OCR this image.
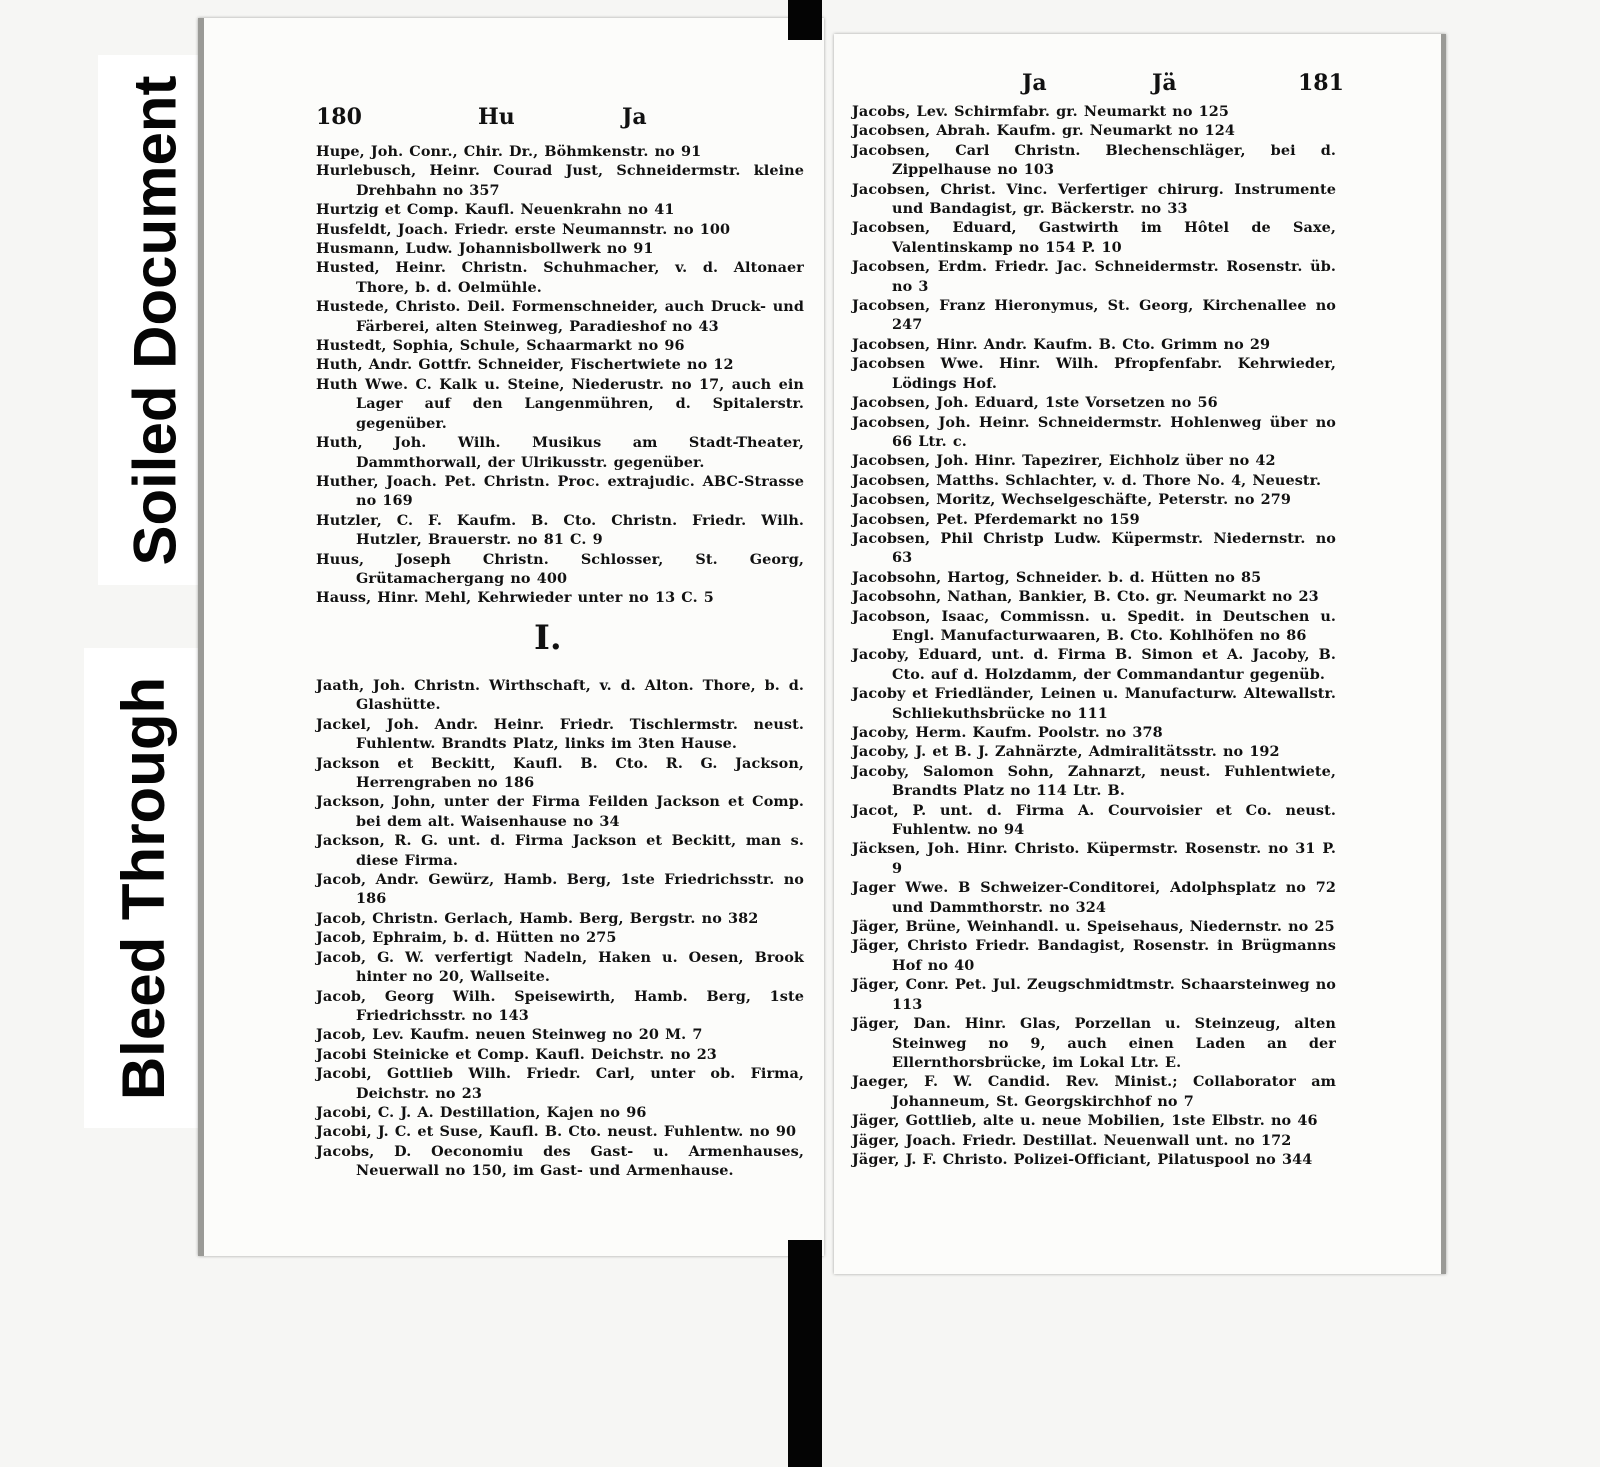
Soiled Document
Bleed Through
180	Hu	Ja
Hupe, Joh. Conr., Chir. Dr., Böhmkenstr. no 91
Hurlebusch, Heinr. Courad Just, Schneidermstr. kleine Drehbahn no 357
Hurtzig et Comp. Kaufl. Neuenkrahn no 41
Husfeldt, Joach. Friedr. erste Neumannstr. no 100
Husmann, Ludw. Johannisbollwerk no 91
Husted, Heinr. Christn. Schuhmacher, v. d. Altonaer Thore, b. d. Oelmühle.
Hustede, Christo. Deil. Formenschneider, auch Druck- und Färberei, alten Steinweg, Paradieshof no 43
Hustedt, Sophia, Schule, Schaarmarkt no 96
Huth, Andr. Gottfr. Schneider, Fischertwiete no 12
Huth Wwe. C. Kalk u. Steine, Niederustr. no 17, auch ein Lager auf den Langenmühren, d. Spitalerstr. gegenüber.
Huth, Joh. Wilh. Musikus am Stadt-Theater, Dammthorwall, der Ulrikusstr. gegenüber.
Huther, Joach. Pet. Christn. Proc. extrajudic. ABC-Strasse no 169
Hutzler, C. F. Kaufm. B. Cto. Christn. Friedr. Wilh. Hutzler, Brauerstr. no 81 C. 9
Huus, Joseph Christn. Schlosser, St. Georg, Grütamachergang no 400
Hauss, Hinr. Mehl, Kehrwieder unter no 13 C. 5
I.
Jaath, Joh. Christn. Wirthschaft, v. d. Alton. Thore, b. d. Glashütte.
Jackel, Joh. Andr. Heinr. Friedr. Tischlermstr. neust. Fuhlentw. Brandts Platz, links im 3ten Hause.
Jackson et Beckitt, Kaufl. B. Cto. R. G. Jackson, Herrengraben no 186
Jackson, John, unter der Firma Feilden Jackson et Comp. bei dem alt. Waisenhause no 34
Jackson, R. G. unt. d. Firma Jackson et Beckitt, man s. diese Firma.
Jacob, Andr. Gewürz, Hamb. Berg, 1ste Friedrichsstr. no 186
Jacob, Christn. Gerlach, Hamb. Berg, Bergstr. no 382
Jacob, Ephraim, b. d. Hütten no 275
Jacob, G. W. verfertigt Nadeln, Haken u. Oesen, Brook hinter no 20, Wallseite.
Jacob, Georg Wilh. Speisewirth, Hamb. Berg, 1ste Friedrichsstr. no 143
Jacob, Lev. Kaufm. neuen Steinweg no 20 M. 7
Jacobi Steinicke et Comp. Kaufl. Deichstr. no 23
Jacobi, Gottlieb Wilh. Friedr. Carl, unter ob. Firma, Deichstr. no 23
Jacobi, C. J. A. Destillation, Kajen no 96
Jacobi, J. C. et Suse, Kaufl. B. Cto. neust. Fuhlentw. no 90
Jacobs, D. Oeconomiu des Gast- u. Armenhauses, Neuerwall no 150, im Gast- und Armenhause.
Ja	Jä	181
Jacobs, Lev. Schirmfabr. gr. Neumarkt no 125
Jacobsen, Abrah. Kaufm. gr. Neumarkt no 124
Jacobsen, Carl Christn. Blechenschläger, bei d. Zippelhause no 103
Jacobsen, Christ. Vinc. Verfertiger chirurg. Instrumente und Bandagist, gr. Bäckerstr. no 33
Jacobsen, Eduard, Gastwirth im Hôtel de Saxe, Valentinskamp no 154 P. 10
Jacobsen, Erdm. Friedr. Jac. Schneidermstr. Rosenstr. üb. no 3
Jacobsen, Franz Hieronymus, St. Georg, Kirchenallee no 247
Jacobsen, Hinr. Andr. Kaufm. B. Cto. Grimm no 29
Jacobsen Wwe. Hinr. Wilh. Pfropfenfabr. Kehrwieder, Lödings Hof.
Jacobsen, Joh. Eduard, 1ste Vorsetzen no 56
Jacobsen, Joh. Heinr. Schneidermstr. Hohlenweg über no 66 Ltr. c.
Jacobsen, Joh. Hinr. Tapezirer, Eichholz über no 42
Jacobsen, Matths. Schlachter, v. d. Thore No. 4, Neuestr.
Jacobsen, Moritz, Wechselgeschäfte, Peterstr. no 279
Jacobsen, Pet. Pferdemarkt no 159
Jacobsen, Phil Christp Ludw. Küpermstr. Niedernstr. no 63
Jacobsohn, Hartog, Schneider. b. d. Hütten no 85
Jacobsohn, Nathan, Bankier, B. Cto. gr. Neumarkt no 23
Jacobson, Isaac, Commissn. u. Spedit. in Deutschen u. Engl. Manufacturwaaren, B. Cto. Kohlhöfen no 86
Jacoby, Eduard, unt. d. Firma B. Simon et A. Jacoby, B. Cto. auf d. Holzdamm, der Commandantur gegenüb.
Jacoby et Friedländer, Leinen u. Manufacturw. Altewallstr. Schliekuthsbrücke no 111
Jacoby, Herm. Kaufm. Poolstr. no 378
Jacoby, J. et B. J. Zahnärzte, Admiralitätsstr. no 192
Jacoby, Salomon Sohn, Zahnarzt, neust. Fuhlentwiete, Brandts Platz no 114 Ltr. B.
Jacot, P. unt. d. Firma A. Courvoisier et Co. neust. Fuhlentw. no 94
Jäcksen, Joh. Hinr. Christo. Küpermstr. Rosenstr. no 31 P. 9
Jager Wwe. B Schweizer-Conditorei, Adolphsplatz no 72 und Dammthorstr. no 324
Jäger, Brüne, Weinhandl. u. Speisehaus, Niedernstr. no 25
Jäger, Christo Friedr. Bandagist, Rosenstr. in Brügmanns Hof no 40
Jäger, Conr. Pet. Jul. Zeugschmidtmstr. Schaarsteinweg no 113
Jäger, Dan. Hinr. Glas, Porzellan u. Steinzeug, alten Steinweg no 9, auch einen Laden an der Ellernthorsbrücke, im Lokal Ltr. E.
Jaeger, F. W. Candid. Rev. Minist.; Collaborator am Johanneum, St. Georgskirchhof no 7
Jäger, Gottlieb, alte u. neue Mobilien, 1ste Elbstr. no 46
Jäger, Joach. Friedr. Destillat. Neuenwall unt. no 172
Jäger, J. F. Christo. Polizei-Officiant, Pilatuspool no 344
